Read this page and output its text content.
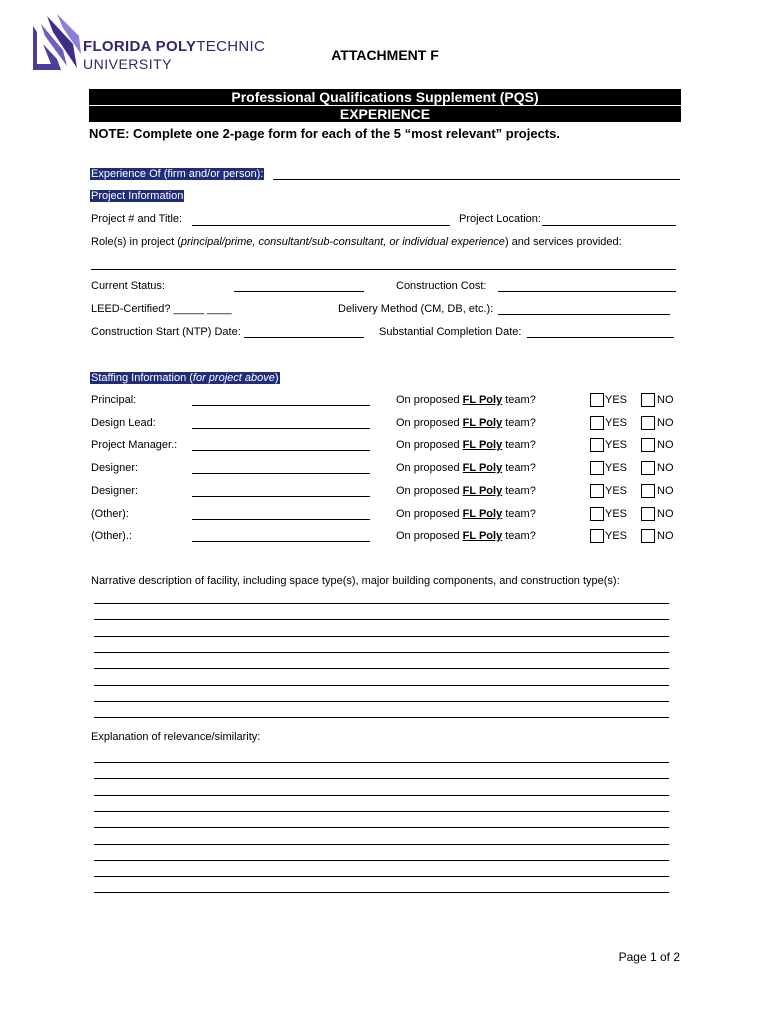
FLORIDA POLYTECHNIC
UNIVERSITY
ATTACHMENT F
Professional Qualifications Supplement (PQS)
EXPERIENCE
NOTE: Complete one 2-page form for each of the 5 “most relevant” projects.
Experience Of (firm and/or person):
Project Information
Project # and Title:	Project Location:
Role(s) in project (principal/prime, consultant/sub-consultant, or individual experience) and services provided:
Current Status:	Construction Cost:
LEED-Certified? _____ ____	Delivery Method (CM, DB, etc.):
Construction Start (NTP) Date:	Substantial Completion Date:
Staffing Information (for project above)
Principal:	On proposed FL Poly team?	YES	NO
Design Lead:	On proposed FL Poly team?	YES	NO
Project Manager.:	On proposed FL Poly team?	YES	NO
Designer:	On proposed FL Poly team?	YES	NO
Designer:	On proposed FL Poly team?	YES	NO
(Other):	On proposed FL Poly team?	YES	NO
(Other).:	On proposed FL Poly team?	YES	NO
Narrative description of facility, including space type(s), major building components, and construction type(s):
Explanation of relevance/similarity:
Page 1 of 2
